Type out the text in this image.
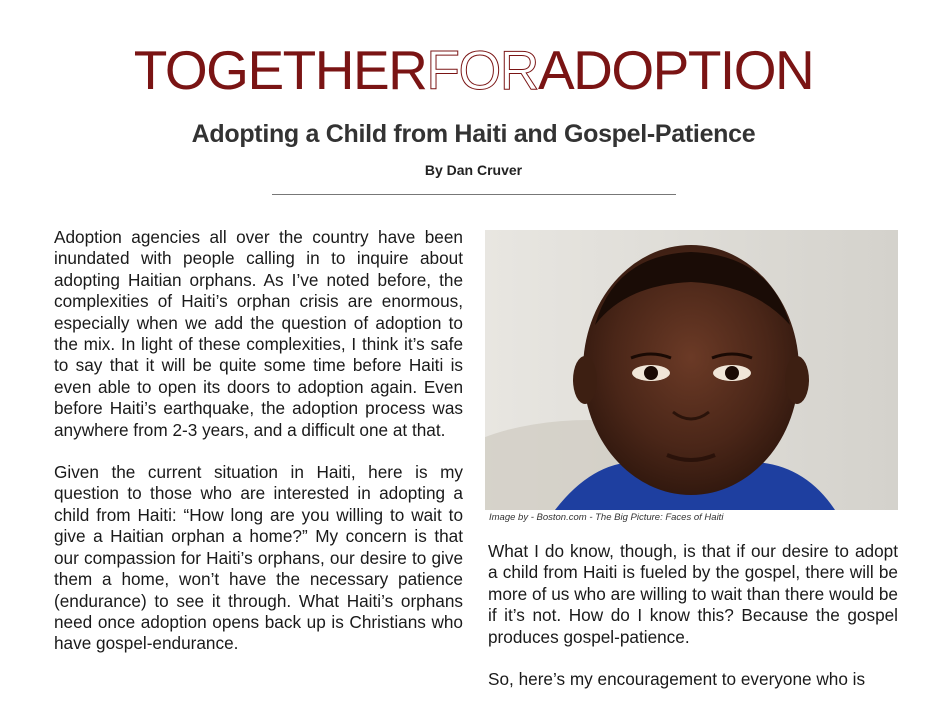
TOGETHERFORADOPTION
Adopting a Child from Haiti and Gospel-Patience
By Dan Cruver

Adoption agencies all over the country have been inundated with people calling in to inquire about adopting Haitian orphans. As I’ve noted before, the complexities of Haiti’s orphan crisis are enormous, especially when we add the question of adoption to the mix. In light of these complexities, I think it’s safe to say that it will be quite some time before Haiti is even able to open its doors to adoption again. Even before Haiti’s earthquake, the adoption process was anywhere from 2-3 years, and a difficult one at that.

Given the current situation in Haiti, here is my question to those who are interested in adopting a child from Haiti: “How long are you willing to wait to give a Haitian orphan a home?” My concern is that our compassion for Haiti’s orphans, our desire to give them a home, won’t have the necessary patience (endurance) to see it through. What Haiti’s orphans need once adoption opens back up is Christians who have gospel-endurance.

Image by - Boston.com - The Big Picture: Faces of Haiti

What I do know, though, is that if our desire to adopt a child from Haiti is fueled by the gospel, there will be more of us who are willing to wait than there would be if it’s not. How do I know this? Because the gospel produces gospel-patience.

So, here’s my encouragement to everyone who is
